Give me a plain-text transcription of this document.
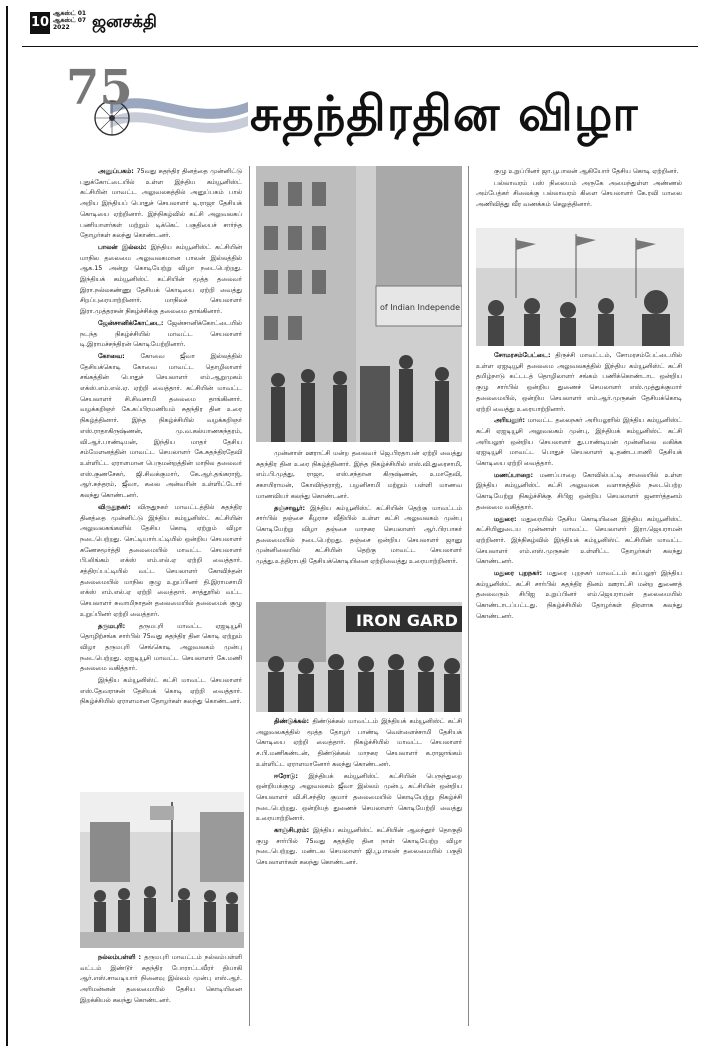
10
ஆகஸ்ட் 01
ஆகஸ்ட் 07
2022	ஜனசக்தி
75 சுதந்திரதின விழா

அனுப்பகம்: 75வது சுதந்திர தினத்தை முன்னிட்டு புதுக்கோட்டையில் உள்ள இந்திய கம்யூனிஸ்ட் கட்சியின் மாவட்ட அலுவலகத்தில் அனுப்பகம் பால் அறிய இந்தியப் பொதுச் செயலாளர் டி.ராஜா தேசியக் கொடியை ஏற்றினார். இந்நிகழ்வில் கட்சி அலுவலகப் பணியாளர்கள் மற்றும் டிக்கெட் பகுதியைச் சார்ந்த தோழர்கள் கலந்து கொண்டனர்.

பாலன் இல்லம்: இந்திய கம்யூனிஸ்ட் கட்சியின் மாநில தலைமை அலுவலகமான பாலன் இல்லத்தில் ஆக.15 அன்று கொடியேற்று விழா நடைபெற்றது. இந்தியக் கம்யூனிஸ்ட் கட்சியின் மூத்த தலைவர் இரா.நல்லகண்ணு தேசியக் கொடியை ஏற்றி வைத்து சிறப்புரையாற்றினார். மாநிலச் செயலாளர் இரா.முத்தரசன் நிகழ்ச்சிக்கு தலைமை தாங்கினார்.

ஜேன்சானிக்கோட்டை: ஜேன்சானிக்கோட்டையில் நடந்த நிகழ்ச்சியில் மாவட்ட செயலாளர் டி.இராமச்சந்திரன் கொடியேற்றினார்.

கோவை: கோவை ஜீவா இல்லத்தில் தேசியக்கொடி கோவை மாவட்ட தொழிலாளர் சங்கத்தின் பொதுச் செயலாளர் எம்.ஆறுமுகம் எக்ஸ்.எம்.எல்.ஏ. ஏற்றி வைத்தார். கட்சியின் மாவட்ட செயலாளர் சி.சிவசாமி தலைமை தாங்கினார். வழக்கறிஞர் கே.சுப்பிரமணியம் சுதந்திர தின உரை நிகழ்த்தினார். இந்த நிகழ்ச்சியில் வழக்கறிஞர் எஸ்.ராதாகிருஷ்ணன், மு.வ.கல்யாணசுந்தரம், வி.ஆர்.பாண்டியன், இந்திய மாதர் தேசிய சம்மேளனத்தின் மாவட்ட செயலாளர் கே.சுதந்திரதேவி உள்ளிட்ட ஏராளமான பெருமன்றத்தின் மாநில தலைவர் எஸ்.குணசேகர், ஜி.சிவக்குமார், கே.ஆர்.தங்கராஜ், ஆர்.சுந்தரம், ஜீவா, கலை அன்வரின் உள்ளிட்டோர் கலந்து கொண்டனர்.

விருதுநகர்: விருதுநகர் மாவட்டத்தில் சுதந்திர தினத்தை முன்னிட்டு இந்திய கம்யூனிஸ்ட் கட்சியின் அலுவலகங்களில் தேசிய கொடி ஏற்றும் விழா நடைபெற்றது. செட்டியார்பட்டியில் ஒன்றிய செயலாளர் கணேசமூர்த்தி தலைமையில் மாவட்ட செயலாளர் பி.லிங்கம் எக்ஸ் எம்.எல்.ஏ ஏற்றி வைத்தார். சத்திரப்பட்டியில் வட்ட செயலாளர் கோவிந்தன் தலைமையில் மாநில குழு உறுப்பினர் தி.இராமசாமி எக்ஸ் எம்.எல்.ஏ ஏற்றி வைத்தார். சாத்தூரில் வட்ட செயலாளர் சுவாமிநாதன் தலைமையில் தலைமைக் குழு உறுப்பினர் ஏற்றி வைத்தார்.

தருமபுரி: தருமபுரி மாவட்ட ஏஐடியூசி தொழிற்சங்க சார்பில் 75வது சுதந்திர தின கொடி ஏற்றும் விழா தருமபுரி செங்கொடி அலுவலகம் முன்பு நடைபெற்றது. ஏஐடியூசி மாவட்ட செயலாளர் கே.மணி தலைமை வகித்தார்.

இந்திய கம்யூனிஸ்ட் கட்சி மாவட்ட செயலாளர் எஸ்.தேவராசன் தேசியக் கொடி ஏற்றி வைத்தார். நிகழ்ச்சியில் ஏராளமான தோழர்கள் கலந்து கொண்டனர்.

நல்லம்பள்ளி : தருமபுரி மாவட்டம் நல்லம்பள்ளி வட்டம் இண்டூர் சுதந்திர போராட்டவீரர் தியாகி ஆர்.எஸ்.சாவடியார் நினைவு இல்லம் முன்பு எஸ்.ஆர். அரிமன்னன் தலைமையில் தேசிய கொடியினை இறக்கியல் கலந்து கொண்டனர்.

of Indian Independe

முன்னாள் ஊராட்சி மன்ற தலைவர் ஜெ.பிரதாபன் ஏற்றி வைத்து சுதந்திர தின உரை நிகழ்த்தினார். இந்த நிகழ்ச்சியில் எஸ்.வி.துரைசாமி, எம்.பி.முத்து, ராஜா, எஸ்.சந்தான கிருஷ்ணன், உமாதேவி, சகாயிராமன், கோவிந்தராஜ், பழனிசாமி மற்றும் பள்ளி மாணவ மாணவியர் கலந்து கொண்டனர்.

தஞ்சாவூர்: இந்திய கம்யூனிஸ்ட் கட்சியின் தெற்கு மாவட்டம் சார்பில் தஞ்சை கீழராச வீதியில் உள்ள கட்சி அலுவலகம் முன்பு கொடியேற்று விழா தஞ்சை மாநகர செயலாளர் ஆர்.பிரபாகர் தலைமையில் நடைபெற்றது. தஞ்சை ஒன்றிய செயலாளர் ஜானு முன்னிலையில் கட்சியின் தெற்கு மாவட்ட செயலாளர் முத்து.உத்திராபதி தேசியக்கொடியினை ஏற்றிவைத்து உரையாற்றினார்.

IRON GARD

திண்டுக்கல்: திண்டுக்கல் மாவட்டம் இந்தியக் கம்யூனிஸ்ட் கட்சி அலுவலகத்தில் மூத்த தோழர் பாண்டி வெள்ளைச்சாமி தேசியக் கொடியை ஏற்றி வைத்தார். நிகழ்ச்சியில் மாவட்ட செயலாளர் ச.பி.மணிகண்டன், திண்டுக்கல் மாநகர செயலாளர் க.ராஜாங்கம் உள்ளிட்ட ஏராளமானோர் கலந்து கொண்டனர்.

ஈரோடு: இந்தியக் கம்யூனிஸ்ட் கட்சியின் பெருந்துறை ஒன்றியக்குழு அலுவலகம் ஜீவா இல்லம் முன்பு, கட்சியின் ஒன்றிய செயலாளர் வி.சி.சந்திர குமார் தலைமையில் கொடியேற்று நிகழ்ச்சி நடைபெற்றது. ஒன்றியத் துணைச் செயலாளர் கொடியேற்றி வைத்து உரையாற்றினார்.

காஞ்சிபுரம்: இந்திய கம்யூனிஸ்ட் கட்சியின் ஆலந்தூர் தொகுதி குழு சார்பில் 75வது சுதந்திர தின நாள் கொடியேற்ற விழா நடைபெற்றது. மண்டல செயலாளர் ஜி.பூபாலன் தலைமையில் பகுதி செயலாளர்கள் கலந்து கொண்டனர்.

குழு உறுப்பினர் ஜா.பூபாலன் ஆகியோர் தேசிய கொடி ஏற்றினர்.

பல்லாவரம் பஸ் நிலையம் அருகே அமைந்துள்ள அண்ணல் அம்பேத்கர் சிலைக்கு பல்லாவரம் கிளை செயலாளர் கே.ரவி மாலை அணிவித்து வீர வணக்கம் செலுத்தினார்.

சோமரசம்பேட்டை: திருச்சி மாவட்டம், சோமரசம்பேட்டையில் உள்ள ஏஐடியூசி தலைமை அலுவலகத்தில் இந்திய கம்யூனிஸ்ட் கட்சி தமிழ்நாடு கட்டடத் தொழிலாளர் சங்கம் பணிக்கொண்டாட ஒன்றிய குழு சார்பில் ஒன்றிய துணைச் செயலாளர் எஸ்.முத்துக்குமார் தலைமையில், ஒன்றிய செயலாளர் எம்.ஆர்.முருகன் தேசியக்கொடி ஏற்றி வைத்து உரையாற்றினார்.

அரியலூர்: மாவட்ட தலைநகர் அரியலூரில் இந்திய கம்யூனிஸ்ட் கட்சி ஏஐடியூசி அலுவலகம் முன்பு, இந்தியக் கம்யூனிஸ்ட் கட்சி அரியலூர் ஒன்றிய செயலாளர் து.பாண்டியன் முன்னிலை வகிக்க ஏஐடியூசி மாவட்ட பொதுச் செயலாளர் டி.தண்டபாணி தேசியக் கொடியை ஏற்றி வைத்தார்.

மணப்பாறை: மணப்பாறை கோவில்பட்டி சாலையில் உள்ள இந்திய கம்யூனிஸ்ட் கட்சி அலுவலக வளாகத்தில் நடைபெற்ற கொடியேற்று நிகழ்ச்சிக்கு சிபிஐ ஒன்றிய செயலாளர் ஜனார்த்தனம் தலைமை வகித்தார்.

மதுரை: மதுரையில் தேசிய கொடியினை இந்திய கம்யூனிஸ்ட் கட்சியினுடைய முன்னாள் மாவட்ட செயலாளர் இரா.ஜெயராமன் ஏற்றினார். இந்நிகழ்வில் இந்தியக் கம்யூனிஸ்ட் கட்சியின் மாவட்ட செயலாளர் எம்.எஸ்.முருகன் உள்ளிட்ட தோழர்கள் கலந்து கொண்டனர்.

மதுரை புறநகர்: மதுரை புறநகர் மாவட்டம் கப்பலூர் இந்திய கம்யூனிஸ்ட் கட்சி சார்பில் சுதந்திர தினம் ஊராட்சி மன்ற துணைத் தலைவரும் சிபிஐ உறுப்பினர் எம்.ஜெயராமன் தலைமையில் கொண்டாடப்பட்டது. நிகழ்ச்சியில் தோழர்கள் திரளாக கலந்து கொண்டனர்.
